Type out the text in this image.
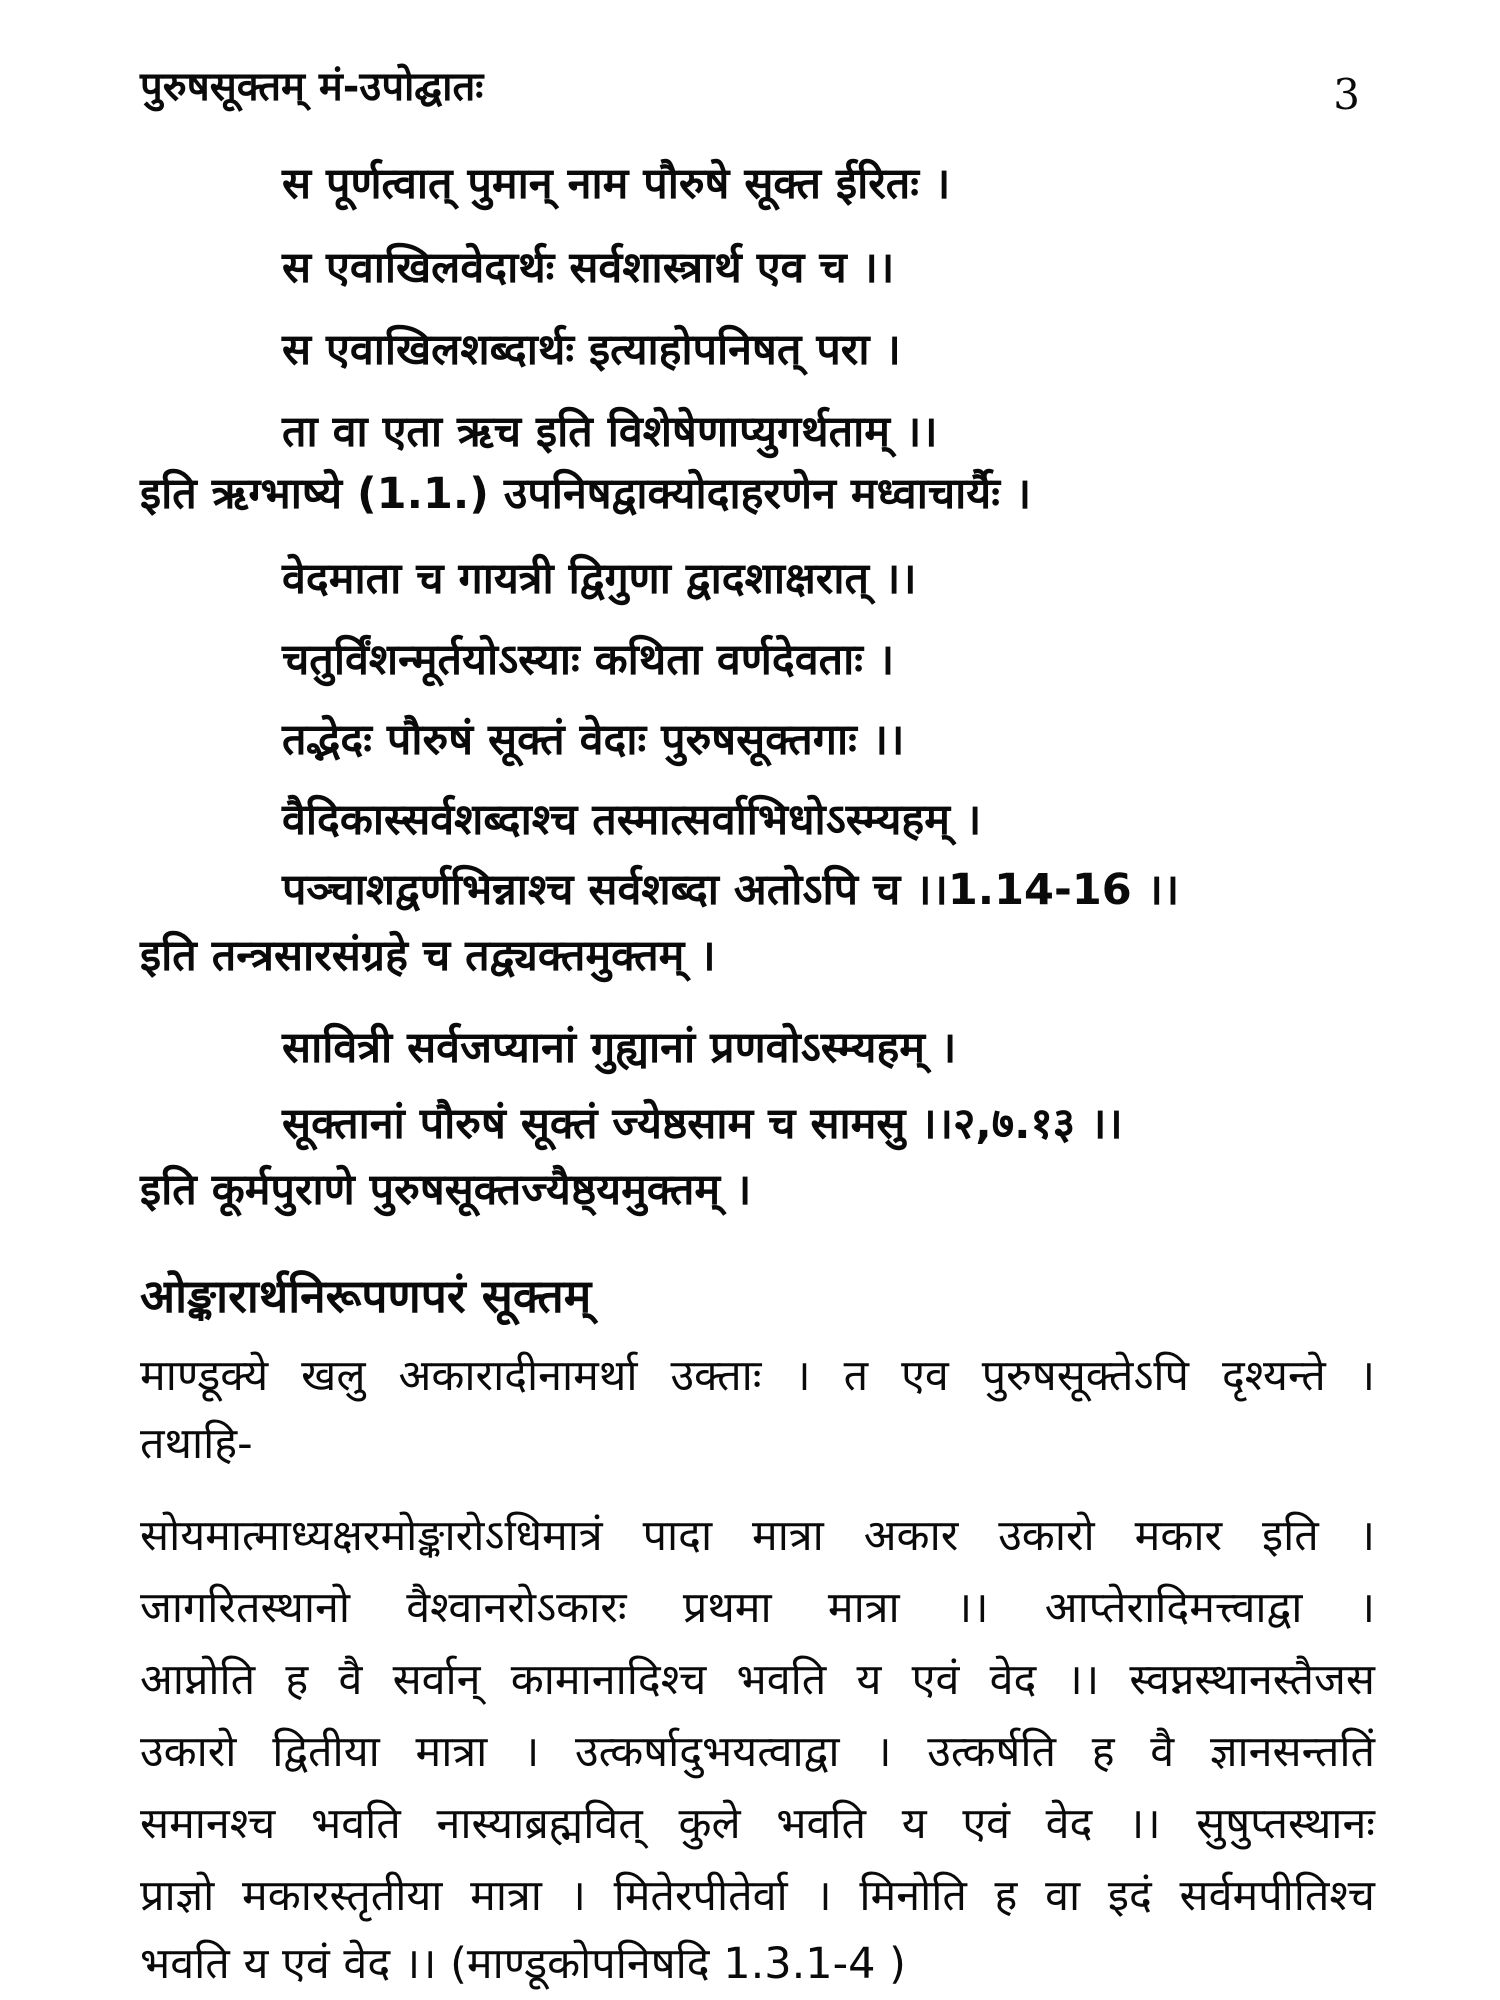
पुरुषसूक्तम् मं-उपोद्घातः	3
स पूर्णत्वात् पुमान् नाम पौरुषे सूक्त ईरितः ।
स एवाखिलवेदार्थः सर्वशास्त्रार्थ एव च ।।
स एवाखिलशब्दार्थः इत्याहोपनिषत् परा ।
ता वा एता ऋच इति विशेषेणाप्युगर्थताम् ।।
इति ऋग्भाष्ये (1.1.) उपनिषद्वाक्योदाहरणेन मध्वाचार्यैः ।
वेदमाता च गायत्री द्विगुणा द्वादशाक्षरात् ।।
चतुर्विंशन्मूर्तयोऽस्याः कथिता वर्णदेवताः ।
तद्भेदः पौरुषं सूक्तं वेदाः पुरुषसूक्तगाः ।।
वैदिकास्सर्वशब्दाश्च तस्मात्सर्वाभिधोऽस्म्यहम् ।
पञ्चाशद्वर्णभिन्नाश्च सर्वशब्दा अतोऽपि च ।।1.14-16 ।।
इति तन्त्रसारसंग्रहे च तद्व्यक्तमुक्तम् ।
सावित्री सर्वजप्यानां गुह्यानां प्रणवोऽस्म्यहम् ।
सूक्तानां पौरुषं सूक्तं ज्येष्ठसाम च सामसु ।।२,७.१३ ।।
इति कूर्मपुराणे पुरुषसूक्तज्यैष्ठ्यमुक्तम् ।
ओङ्कारार्थनिरूपणपरं सूक्तम्
माण्डूक्ये खलु अकारादीनामर्था उक्ताः । त एव पुरुषसूक्तेऽपि दृश्यन्ते ।
तथाहि-
सोयमात्माध्यक्षरमोङ्कारोऽधिमात्रं पादा मात्रा अकार उकारो मकार इति ।
जागरितस्थानो वैश्वानरोऽकारः प्रथमा मात्रा ।। आप्तेरादिमत्त्वाद्वा ।
आप्नोति ह वै सर्वान् कामानादिश्च भवति य एवं वेद ।। स्वप्नस्थानस्तैजस
उकारो द्वितीया मात्रा । उत्कर्षादुभयत्वाद्वा । उत्कर्षति ह वै ज्ञानसन्ततिं
समानश्च भवति नास्याब्रह्मवित् कुले भवति य एवं वेद ।। सुषुप्तस्थानः
प्राज्ञो मकारस्तृतीया मात्रा । मितेरपीतेर्वा । मिनोति ह वा इदं सर्वमपीतिश्च
भवति य एवं वेद ।। (माण्डूकोपनिषदि 1.3.1-4 )
